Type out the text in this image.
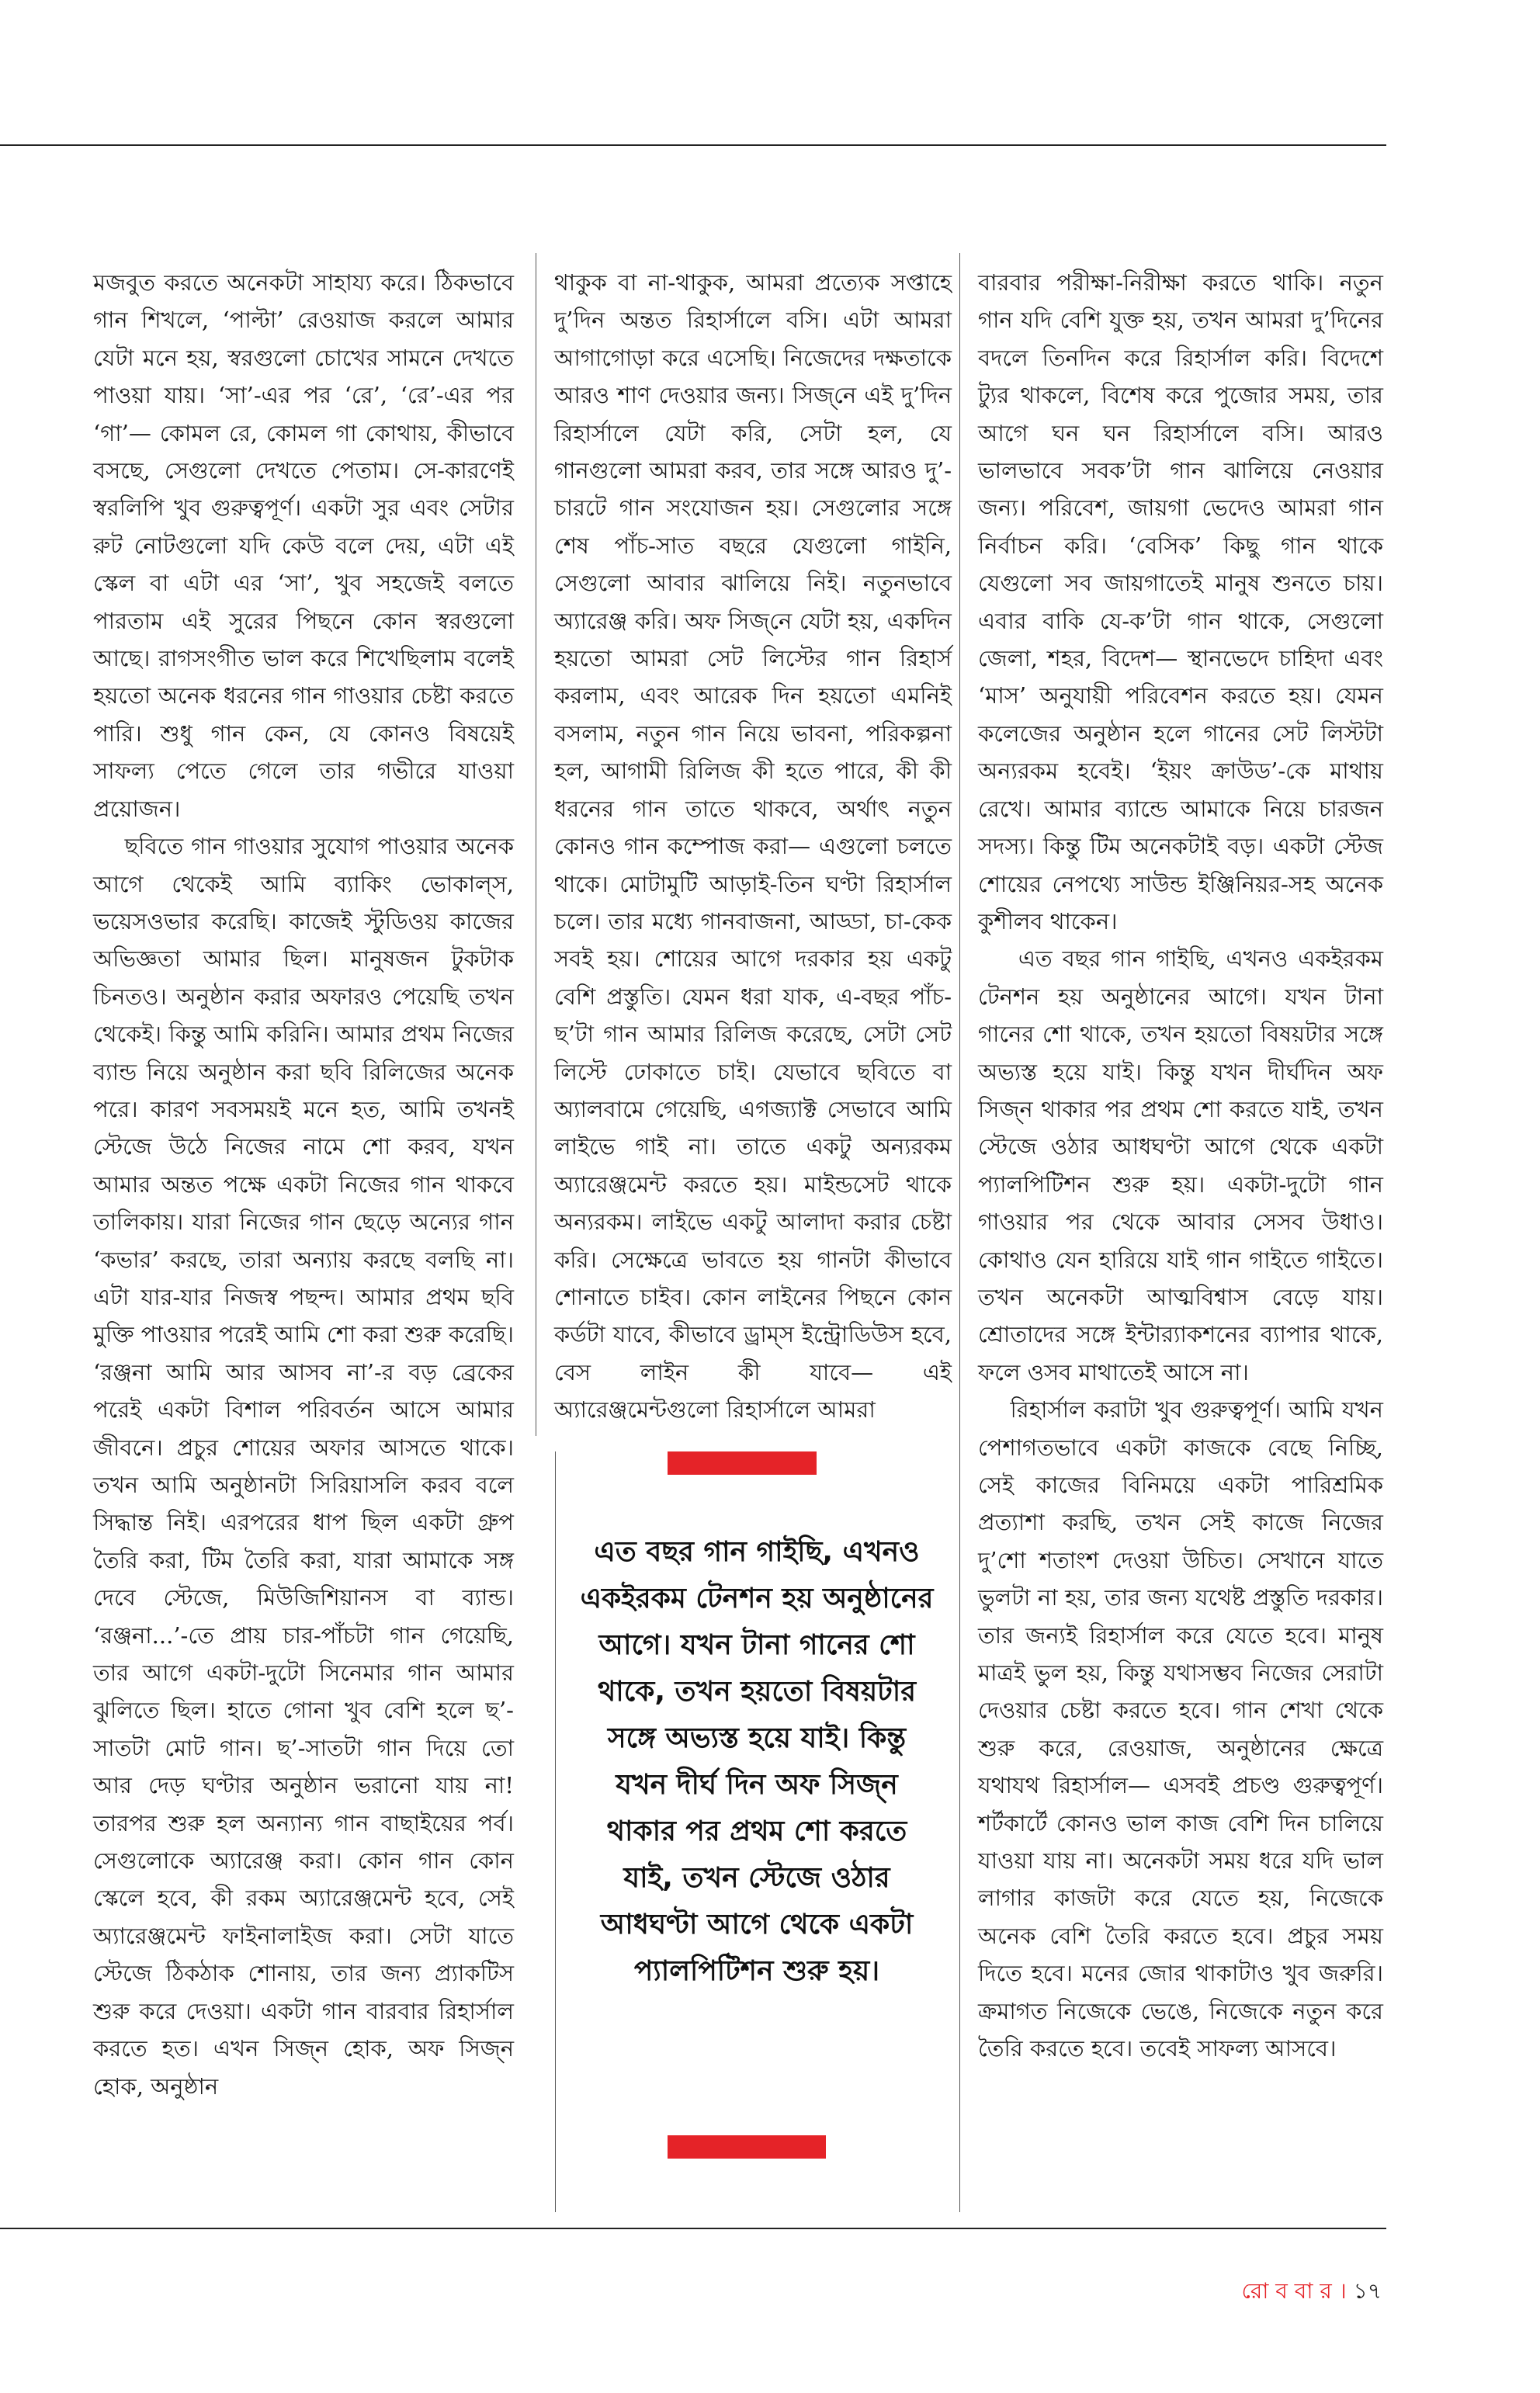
মজবুত করতে অনেকটা সাহায্য করে। ঠিকভাবে গান শিখলে, ‘পাল্টা’ রেওয়াজ করলে আমার যেটা মনে হয়, স্বরগুলো চোখের সামনে দেখতে পাওয়া যায়। ‘সা’-এর পর ‘রে’, ‘রে’-এর পর ‘গা’— কোমল রে, কোমল গা কোথায়, কীভাবে বসছে, সেগুলো দেখতে পেতাম। সে-কারণেই স্বরলিপি খুব গুরুত্বপূর্ণ। একটা সুর এবং সেটার রুট নোটগুলো যদি কেউ বলে দেয়, এটা এই স্কেল বা এটা এর ‘সা’, খুব সহজেই বলতে পারতাম এই সুরের পিছনে কোন স্বরগুলো আছে। রাগসংগীত ভাল করে শিখেছিলাম বলেই হয়তো অনেক ধরনের গান গাওয়ার চেষ্টা করতে পারি। শুধু গান কেন, যে কোনও বিষয়েই সাফল্য পেতে গেলে তার গভীরে যাওয়া প্রয়োজন।
ছবিতে গান গাওয়ার সুযোগ পাওয়ার অনেক আগে থেকেই আমি ব্যাকিং ভোকাল্‌স, ভয়েসওভার করেছি। কাজেই স্টুডিওয় কাজের অভিজ্ঞতা আমার ছিল। মানুষজন টুকটাক চিনতও। অনুষ্ঠান করার অফারও পেয়েছি তখন থেকেই। কিন্তু আমি করিনি। আমার প্রথম নিজের ব্যান্ড নিয়ে অনুষ্ঠান করা ছবি রিলিজের অনেক পরে। কারণ সবসময়ই মনে হত, আমি তখনই স্টেজে উঠে নিজের নামে শো করব, যখন আমার অন্তত পক্ষে একটা নিজের গান থাকবে তালিকায়। যারা নিজের গান ছেড়ে অন্যের গান ‘কভার’ করছে, তারা অন্যায় করছে বলছি না। এটা যার-যার নিজস্ব পছন্দ। আমার প্রথম ছবি মুক্তি পাওয়ার পরেই আমি শো করা শুরু করেছি। ‘রঞ্জনা আমি আর আসব না’-র বড় ব্রেকের পরেই একটা বিশাল পরিবর্তন আসে আমার জীবনে। প্রচুর শোয়ের অফার আসতে থাকে। তখন আমি অনুষ্ঠানটা সিরিয়াসলি করব বলে সিদ্ধান্ত নিই। এরপরের ধাপ ছিল একটা গ্রুপ তৈরি করা, টিম তৈরি করা, যারা আমাকে সঙ্গ দেবে স্টেজে, মিউজিশিয়ানস বা ব্যান্ড। ‘রঞ্জনা...’-তে প্রায় চার-পাঁচটা গান গেয়েছি, তার আগে একটা-দুটো সিনেমার গান আমার ঝুলিতে ছিল। হাতে গোনা খুব বেশি হলে ছ’-সাতটা মোট গান। ছ’-সাতটা গান দিয়ে তো আর দেড় ঘণ্টার অনুষ্ঠান ভরানো যায় না! তারপর শুরু হল অন্যান্য গান বাছাইয়ের পর্ব। সেগুলোকে অ্যারেঞ্জ করা। কোন গান কোন স্কেলে হবে, কী রকম অ্যারেঞ্জমেন্ট হবে, সেই অ্যারেঞ্জমেন্ট ফাইনালাইজ করা। সেটা যাতে স্টেজে ঠিকঠাক শোনায়, তার জন্য প্র্যাকটিস শুরু করে দেওয়া। একটা গান বারবার রিহার্সাল করতে হত। এখন সিজ্‌ন হোক, অফ সিজ্‌ন হোক, অনুষ্ঠান

থাকুক বা না-থাকুক, আমরা প্রত্যেক সপ্তাহে দু’দিন অন্তত রিহার্সালে বসি। এটা আমরা আগাগোড়া করে এসেছি। নিজেদের দক্ষতাকে আরও শাণ দেওয়ার জন্য। সিজ্‌নে এই দু’দিন রিহার্সালে যেটা করি, সেটা হল, যে গানগুলো আমরা করব, তার সঙ্গে আরও দু’-চারটে গান সংযোজন হয়। সেগুলোর সঙ্গে শেষ পাঁচ-সাত বছরে যেগুলো গাইনি, সেগুলো আবার ঝালিয়ে নিই। নতুনভাবে অ্যারেঞ্জ করি। অফ সিজ্‌নে যেটা হয়, একদিন হয়তো আমরা সেট লিস্টের গান রিহার্স করলাম, এবং আরেক দিন হয়তো এমনিই বসলাম, নতুন গান নিয়ে ভাবনা, পরিকল্পনা হল, আগামী রিলিজ কী হতে পারে, কী কী ধরনের গান তাতে থাকবে, অর্থাৎ নতুন কোনও গান কম্পোজ করা— এগুলো চলতে থাকে। মোটামুটি আড়াই-তিন ঘণ্টা রিহার্সাল চলে। তার মধ্যে গানবাজনা, আড্ডা, চা-কেক সবই হয়। শোয়ের আগে দরকার হয় একটু বেশি প্রস্তুতি। যেমন ধরা যাক, এ-বছর পাঁচ-ছ’টা গান আমার রিলিজ করেছে, সেটা সেট লিস্টে ঢোকাতে চাই। যেভাবে ছবিতে বা অ্যালবামে গেয়েছি, এগজ্যাক্ট সেভাবে আমি লাইভে গাই না। তাতে একটু অন্যরকম অ্যারেঞ্জমেন্ট করতে হয়। মাইন্ডসেট থাকে অন্যরকম। লাইভে একটু আলাদা করার চেষ্টা করি। সেক্ষেত্রে ভাবতে হয় গানটা কীভাবে শোনাতে চাইব। কোন লাইনের পিছনে কোন কর্ডটা যাবে, কীভাবে ড্রাম্‌স ইন্ট্রোডিউস হবে, বেস লাইন কী যাবে— এই অ্যারেঞ্জমেন্টগুলো রিহার্সালে আমরা

বারবার পরীক্ষা-নিরীক্ষা করতে থাকি। নতুন গান যদি বেশি যুক্ত হয়, তখন আমরা দু’দিনের বদলে তিনদিন করে রিহার্সাল করি। বিদেশে ট্যুর থাকলে, বিশেষ করে পুজোর সময়, তার আগে ঘন ঘন রিহার্সালে বসি। আরও ভালভাবে সবক’টা গান ঝালিয়ে নেওয়ার জন্য। পরিবেশ, জায়গা ভেদেও আমরা গান নির্বাচন করি। ‘বেসিক’ কিছু গান থাকে যেগুলো সব জায়গাতেই মানুষ শুনতে চায়। এবার বাকি যে-ক’টা গান থাকে, সেগুলো জেলা, শহর, বিদেশ— স্থানভেদে চাহিদা এবং ‘মাস’ অনুযায়ী পরিবেশন করতে হয়। যেমন কলেজের অনুষ্ঠান হলে গানের সেট লিস্টটা অন্যরকম হবেই। ‘ইয়ং ক্রাউড’-কে মাথায় রেখে। আমার ব্যান্ডে আমাকে নিয়ে চারজন সদস্য। কিন্তু টিম অনেকটাই বড়। একটা স্টেজ শোয়ের নেপথ্যে সাউন্ড ইঞ্জিনিয়র-সহ অনেক কুশীলব থাকেন।
এত বছর গান গাইছি, এখনও একইরকম টেনশন হয় অনুষ্ঠানের আগে। যখন টানা গানের শো থাকে, তখন হয়তো বিষয়টার সঙ্গে অভ্যস্ত হয়ে যাই। কিন্তু যখন দীর্ঘদিন অফ সিজ্‌ন থাকার পর প্রথম শো করতে যাই, তখন স্টেজে ওঠার আধঘণ্টা আগে থেকে একটা প্যালপিটিশন শুরু হয়। একটা-দুটো গান গাওয়ার পর থেকে আবার সেসব উধাও। কোথাও যেন হারিয়ে যাই গান গাইতে গাইতে। তখন অনেকটা আত্মবিশ্বাস বেড়ে যায়। শ্রোতাদের সঙ্গে ইন্টার‍্যাকশনের ব্যাপার থাকে, ফলে ওসব মাথাতেই আসে না।
রিহার্সাল করাটা খুব গুরুত্বপূর্ণ। আমি যখন পেশাগতভাবে একটা কাজকে বেছে নিচ্ছি, সেই কাজের বিনিময়ে একটা পারিশ্রমিক প্রত্যাশা করছি, তখন সেই কাজে নিজের দু’শো শতাংশ দেওয়া উচিত। সেখানে যাতে ভুলটা না হয়, তার জন্য যথেষ্ট প্রস্তুতি দরকার। তার জন্যই রিহার্সাল করে যেতে হবে। মানুষ মাত্রই ভুল হয়, কিন্তু যথাসম্ভব নিজের সেরাটা দেওয়ার চেষ্টা করতে হবে। গান শেখা থেকে শুরু করে, রেওয়াজ, অনুষ্ঠানের ক্ষেত্রে যথাযথ রিহার্সাল— এসবই প্রচণ্ড গুরুত্বপূর্ণ। শর্টকার্টে কোনও ভাল কাজ বেশি দিন চালিয়ে যাওয়া যায় না। অনেকটা সময় ধরে যদি ভাল লাগার কাজটা করে যেতে হয়, নিজেকে অনেক বেশি তৈরি করতে হবে। প্রচুর সময় দিতে হবে। মনের জোর থাকাটাও খুব জরুরি। ক্রমাগত নিজেকে ভেঙে, নিজেকে নতুন করে তৈরি করতে হবে। তবেই সাফল্য আসবে।

এত বছর গান গাইছি, এখনও একইরকম টেনশন হয় অনুষ্ঠানের আগে। যখন টানা গানের শো থাকে, তখন হয়তো বিষয়টার সঙ্গে অভ্যস্ত হয়ে যাই। কিন্তু যখন দীর্ঘ দিন অফ সিজ্‌ন থাকার পর প্রথম শো করতে যাই, তখন স্টেজে ওঠার আধঘণ্টা আগে থেকে একটা প্যালপিটিশন শুরু হয়।

রো ব বা র । ১৭
